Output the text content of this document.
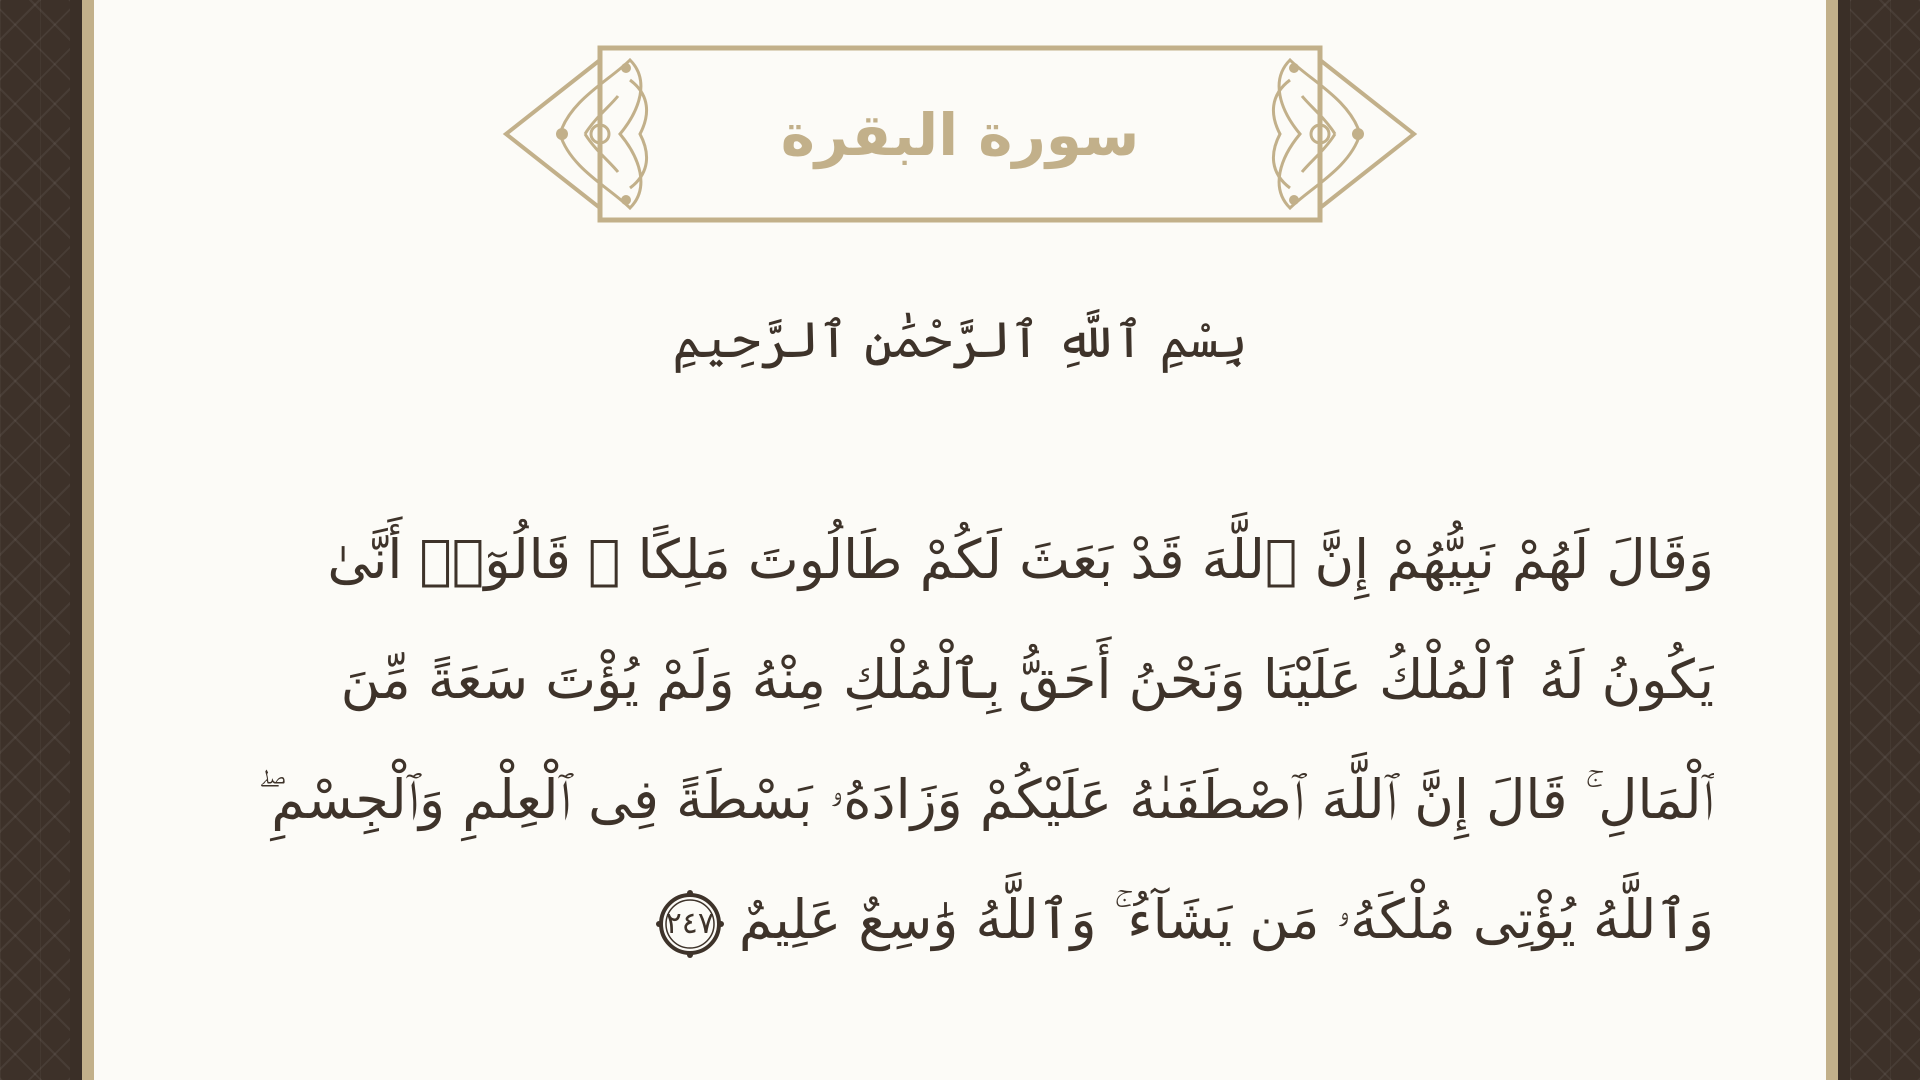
سورة البقرة
بِسْمِ ٱللَّهِ ٱلرَّحْمَٰنِ ٱلرَّحِيمِ
وَقَالَ لَهُمْ نَبِيُّهُمْ إِنَّ ٱللَّهَ قَدْ بَعَثَ لَكُمْ طَالُوتَ مَلِكًا ۚ قَالُوٓا۟ أَنَّىٰ
يَكُونُ لَهُ ٱلْمُلْكُ عَلَيْنَا وَنَحْنُ أَحَقُّ بِٱلْمُلْكِ مِنْهُ وَلَمْ يُؤْتَ سَعَةً مِّنَ
ٱلْمَالِ ۚ قَالَ إِنَّ ٱللَّهَ ٱصْطَفَىٰهُ عَلَيْكُمْ وَزَادَهُۥ بَسْطَةً فِى ٱلْعِلْمِ وَٱلْجِسْمِ ۖ
وَٱللَّهُ يُؤْتِى مُلْكَهُۥ مَن يَشَآءُ ۚ وَٱللَّهُ وَٰسِعٌ عَلِيمٌ
٢٤٧
